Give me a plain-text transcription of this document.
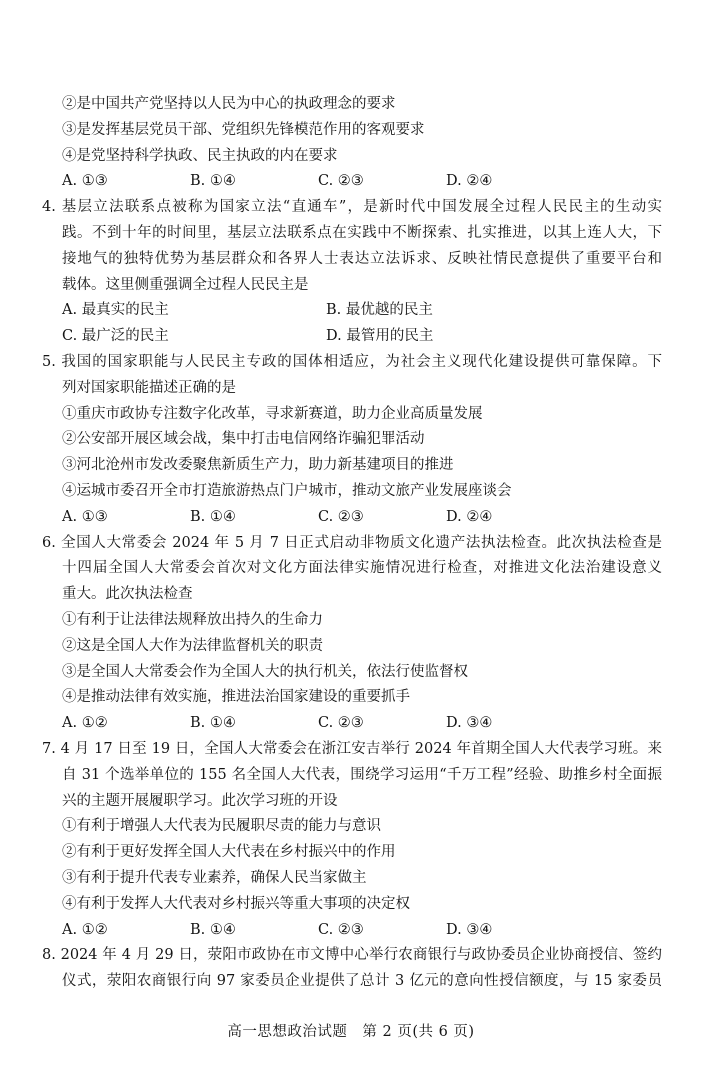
②是中国共产党坚持以人民为中心的执政理念的要求
③是发挥基层党员干部、党组织先锋模范作用的客观要求
④是党坚持科学执政、民主执政的内在要求
A. ①③	B. ①④	C. ②③	D. ②④
4. 基层立法联系点被称为国家立法“直通车”，是新时代中国发展全过程人民民主的生动实
践。不到十年的时间里，基层立法联系点在实践中不断探索、扎实推进，以其上连人大，下
接地气的独特优势为基层群众和各界人士表达立法诉求、反映社情民意提供了重要平台和
载体。这里侧重强调全过程人民民主是
A. 最真实的民主	B. 最优越的民主
C. 最广泛的民主	D. 最管用的民主
5. 我国的国家职能与人民民主专政的国体相适应，为社会主义现代化建设提供可靠保障。下
列对国家职能描述正确的是
①重庆市政协专注数字化改革，寻求新赛道，助力企业高质量发展
②公安部开展区域会战，集中打击电信网络诈骗犯罪活动
③河北沧州市发改委聚焦新质生产力，助力新基建项目的推进
④运城市委召开全市打造旅游热点门户城市，推动文旅产业发展座谈会
A. ①③	B. ①④	C. ②③	D. ②④
6. 全国人大常委会 2024 年 5 月 7 日正式启动非物质文化遗产法执法检查。此次执法检查是
十四届全国人大常委会首次对文化方面法律实施情况进行检查，对推进文化法治建设意义
重大。此次执法检查
①有利于让法律法规释放出持久的生命力
②这是全国人大作为法律监督机关的职责
③是全国人大常委会作为全国人大的执行机关，依法行使监督权
④是推动法律有效实施，推进法治国家建设的重要抓手
A. ①②	B. ①④	C. ②③	D. ③④
7. 4 月 17 日至 19 日，全国人大常委会在浙江安吉举行 2024 年首期全国人大代表学习班。来
自 31 个选举单位的 155 名全国人大代表，围绕学习运用“千万工程”经验、助推乡村全面振
兴的主题开展履职学习。此次学习班的开设
①有利于增强人大代表为民履职尽责的能力与意识
②有利于更好发挥全国人大代表在乡村振兴中的作用
③有利于提升代表专业素养，确保人民当家做主
④有利于发挥人大代表对乡村振兴等重大事项的决定权
A. ①②	B. ①④	C. ②③	D. ③④
8. 2024 年 4 月 29 日，荥阳市政协在市文博中心举行农商银行与政协委员企业协商授信、签约
仪式，荥阳农商银行向 97 家委员企业提供了总计 3 亿元的意向性授信额度，与 15 家委员
高一思想政治试题　第 2 页(共 6 页)
